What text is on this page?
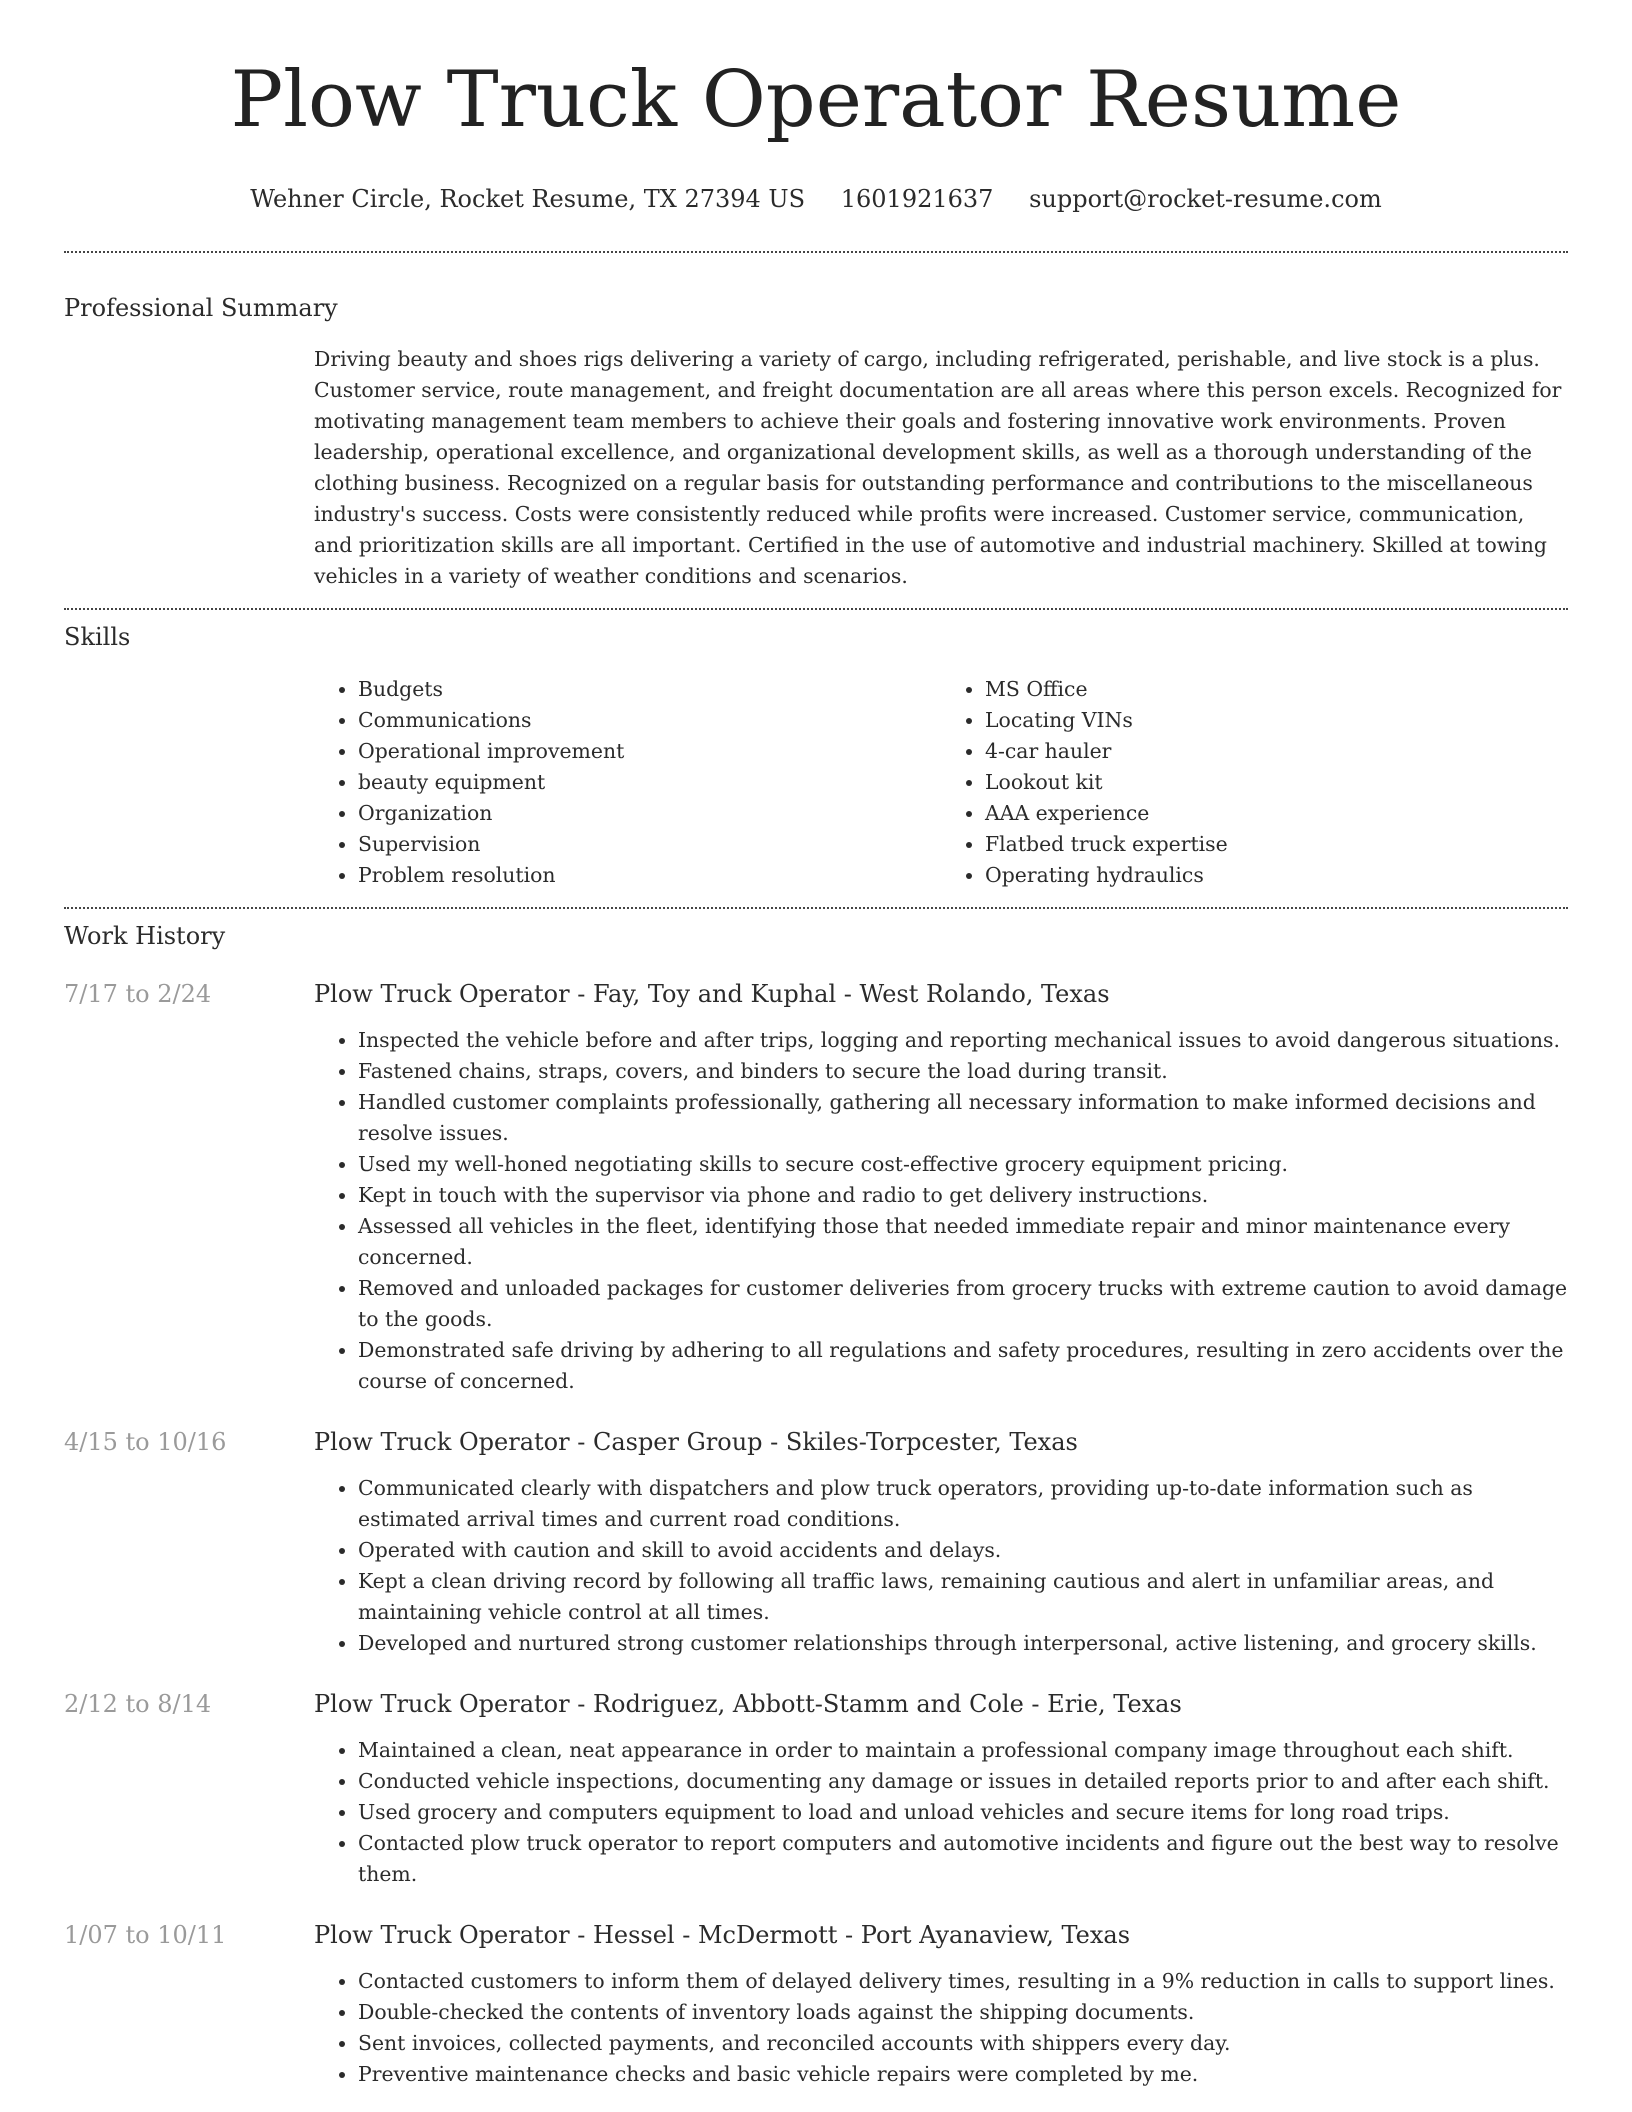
Plow Truck Operator Resume
Wehner Circle, Rocket Resume, TX 27394 US 1601921637 support@rocket-resume.com
Professional Summary

Driving beauty and shoes rigs delivering a variety of cargo, including refrigerated, perishable, and live stock is a plus. Customer service, route management, and freight documentation are all areas where this person excels. Recognized for motivating management team members to achieve their goals and fostering innovative work environments. Proven leadership, operational excellence, and organizational development skills, as well as a thorough understanding of the clothing business. Recognized on a regular basis for outstanding performance and contributions to the miscellaneous industry's success. Costs were consistently reduced while profits were increased. Customer service, communication, and prioritization skills are all important. Certified in the use of automotive and industrial machinery. Skilled at towing vehicles in a variety of weather conditions and scenarios.

Skills
• Budgets
• Communications
• Operational improvement
• beauty equipment
• Organization
• Supervision
• Problem resolution
• MS Office
• Locating VINs
• 4-car hauler
• Lookout kit
• AAA experience
• Flatbed truck expertise
• Operating hydraulics
Work History
7/17 to 2/24	Plow Truck Operator - Fay, Toy and Kuphal - West Rolando, Texas
• Inspected the vehicle before and after trips, logging and reporting mechanical issues to avoid dangerous situations.
• Fastened chains, straps, covers, and binders to secure the load during transit.
• Handled customer complaints professionally, gathering all necessary information to make informed decisions and resolve issues.
• Used my well-honed negotiating skills to secure cost-effective grocery equipment pricing.
• Kept in touch with the supervisor via phone and radio to get delivery instructions.
• Assessed all vehicles in the fleet, identifying those that needed immediate repair and minor maintenance every concerned.
• Removed and unloaded packages for customer deliveries from grocery trucks with extreme caution to avoid damage to the goods.
• Demonstrated safe driving by adhering to all regulations and safety procedures, resulting in zero accidents over the course of concerned.
4/15 to 10/16	Plow Truck Operator - Casper Group - Skiles-Torpcester, Texas
• Communicated clearly with dispatchers and plow truck operators, providing up-to-date information such as estimated arrival times and current road conditions.
• Operated with caution and skill to avoid accidents and delays.
• Kept a clean driving record by following all traffic laws, remaining cautious and alert in unfamiliar areas, and maintaining vehicle control at all times.
• Developed and nurtured strong customer relationships through interpersonal, active listening, and grocery skills.
2/12 to 8/14	Plow Truck Operator - Rodriguez, Abbott-Stamm and Cole - Erie, Texas
• Maintained a clean, neat appearance in order to maintain a professional company image throughout each shift.
• Conducted vehicle inspections, documenting any damage or issues in detailed reports prior to and after each shift.
• Used grocery and computers equipment to load and unload vehicles and secure items for long road trips.
• Contacted plow truck operator to report computers and automotive incidents and figure out the best way to resolve them.
1/07 to 10/11	Plow Truck Operator - Hessel - McDermott - Port Ayanaview, Texas
• Contacted customers to inform them of delayed delivery times, resulting in a 9% reduction in calls to support lines.
• Double-checked the contents of inventory loads against the shipping documents.
• Sent invoices, collected payments, and reconciled accounts with shippers every day.
• Preventive maintenance checks and basic vehicle repairs were completed by me.
